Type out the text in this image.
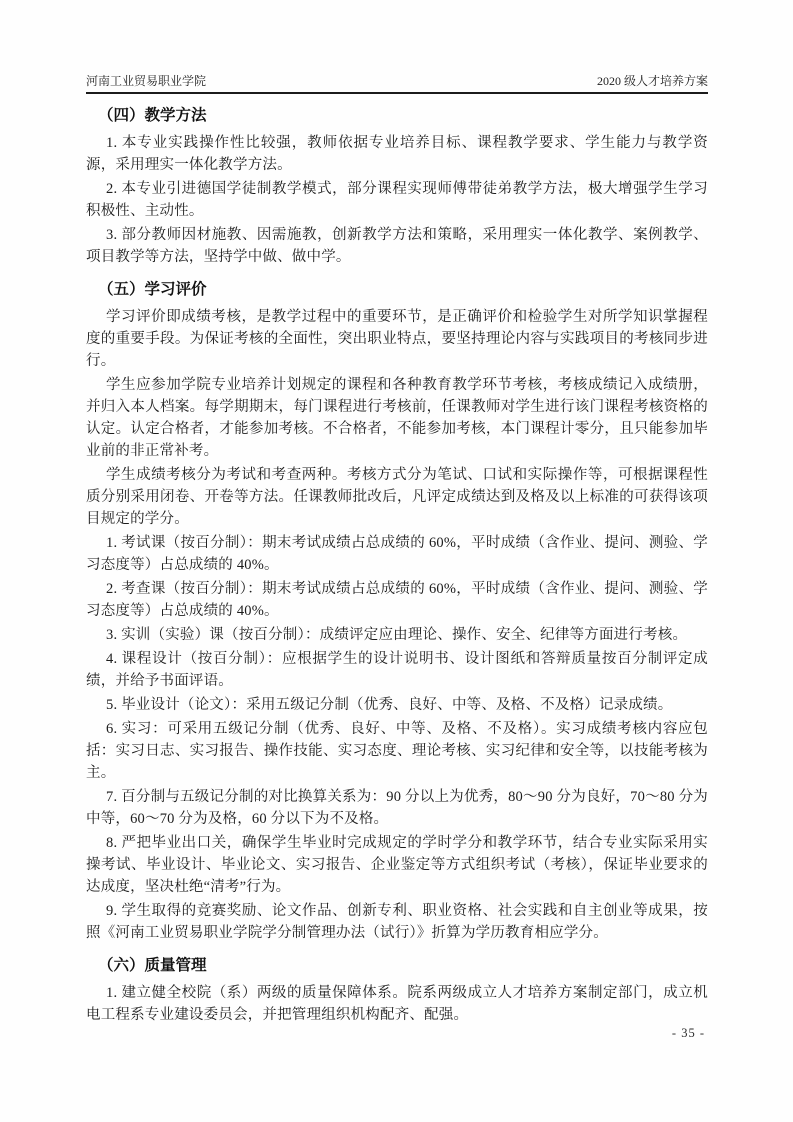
河南工业贸易职业学院	2020 级人才培养方案
（四）教学方法

1. 本专业实践操作性比较强，教师依据专业培养目标、课程教学要求、学生能力与教学资源，采用理实一体化教学方法。

2. 本专业引进德国学徒制教学模式，部分课程实现师傅带徒弟教学方法，极大增强学生学习积极性、主动性。

3. 部分教师因材施教、因需施教，创新教学方法和策略，采用理实一体化教学、案例教学、项目教学等方法，坚持学中做、做中学。

（五）学习评价

学习评价即成绩考核，是教学过程中的重要环节，是正确评价和检验学生对所学知识掌握程度的重要手段。为保证考核的全面性，突出职业特点，要坚持理论内容与实践项目的考核同步进行。

学生应参加学院专业培养计划规定的课程和各种教育教学环节考核，考核成绩记入成绩册，并归入本人档案。每学期期末，每门课程进行考核前，任课教师对学生进行该门课程考核资格的认定。认定合格者，才能参加考核。不合格者，不能参加考核，本门课程计零分，且只能参加毕业前的非正常补考。

学生成绩考核分为考试和考查两种。考核方式分为笔试、口试和实际操作等，可根据课程性质分别采用闭卷、开卷等方法。任课教师批改后，凡评定成绩达到及格及以上标准的可获得该项目规定的学分。

1. 考试课（按百分制）：期末考试成绩占总成绩的 60%，平时成绩（含作业、提问、测验、学习态度等）占总成绩的 40%。

2. 考查课（按百分制）：期末考试成绩占总成绩的 60%，平时成绩（含作业、提问、测验、学习态度等）占总成绩的 40%。

3. 实训（实验）课（按百分制）：成绩评定应由理论、操作、安全、纪律等方面进行考核。

4. 课程设计（按百分制）：应根据学生的设计说明书、设计图纸和答辩质量按百分制评定成绩，并给予书面评语。

5. 毕业设计（论文）：采用五级记分制（优秀、良好、中等、及格、不及格）记录成绩。

6. 实习：可采用五级记分制（优秀、良好、中等、及格、不及格）。实习成绩考核内容应包括：实习日志、实习报告、操作技能、实习态度、理论考核、实习纪律和安全等，以技能考核为主。

7. 百分制与五级记分制的对比换算关系为：90 分以上为优秀，80～90 分为良好，70～80 分为中等，60～70 分为及格，60 分以下为不及格。

8. 严把毕业出口关，确保学生毕业时完成规定的学时学分和教学环节，结合专业实际采用实操考试、毕业设计、毕业论文、实习报告、企业鉴定等方式组织考试（考核），保证毕业要求的达成度，坚决杜绝“清考”行为。

9. 学生取得的竞赛奖励、论文作品、创新专利、职业资格、社会实践和自主创业等成果，按照《河南工业贸易职业学院学分制管理办法（试行）》折算为学历教育相应学分。

（六）质量管理

1. 建立健全校院（系）两级的质量保障体系。院系两级成立人才培养方案制定部门，成立机电工程系专业建设委员会，并把管理组织机构配齐、配强。

- 35 -
